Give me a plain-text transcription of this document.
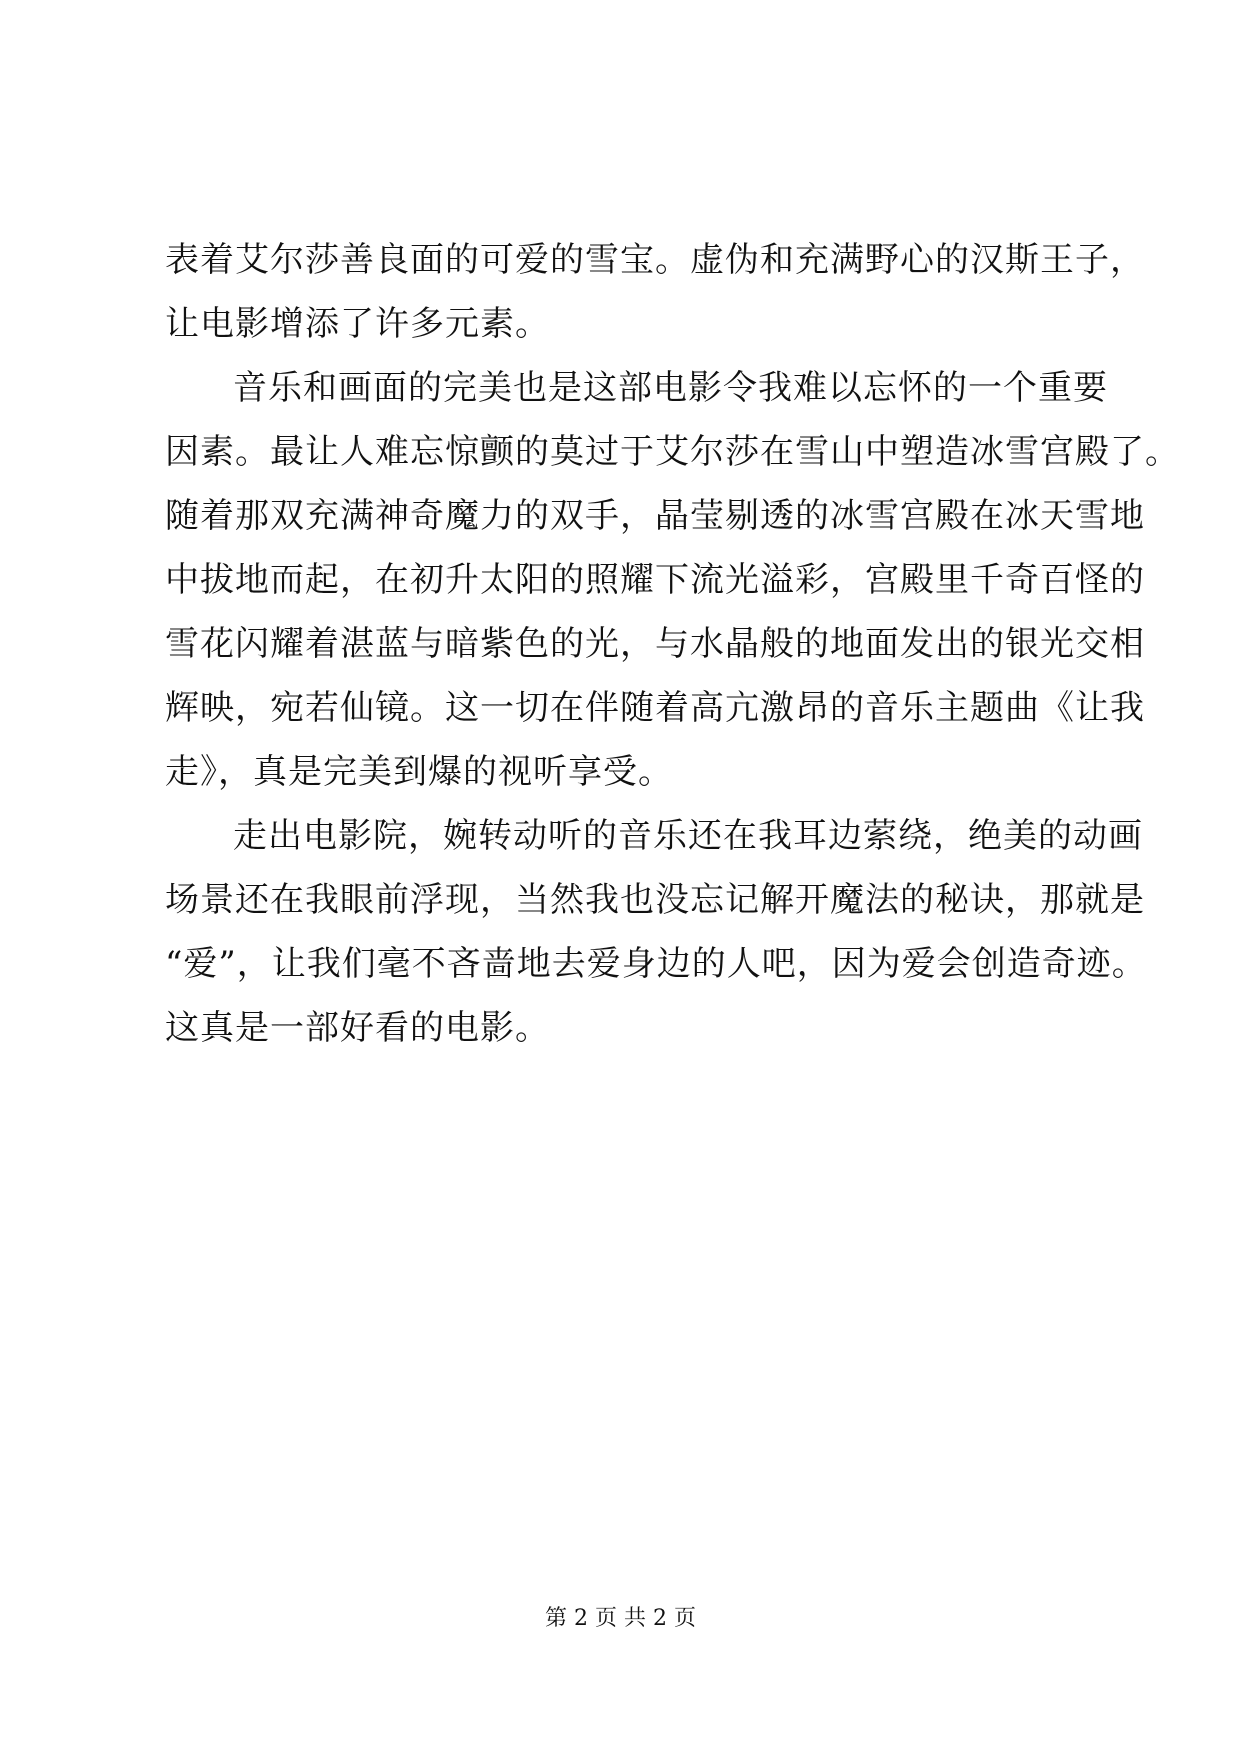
表着艾尔莎善良面的可爱的雪宝。虚伪和充满野心的汉斯王子，
让电影增添了许多元素。
音乐和画面的完美也是这部电影令我难以忘怀的一个重要
因素。最让人难忘惊颤的莫过于艾尔莎在雪山中塑造冰雪宫殿了。
随着那双充满神奇魔力的双手，晶莹剔透的冰雪宫殿在冰天雪地
中拔地而起，在初升太阳的照耀下流光溢彩，宫殿里千奇百怪的
雪花闪耀着湛蓝与暗紫色的光，与水晶般的地面发出的银光交相
辉映，宛若仙镜。这一切在伴随着高亢激昂的音乐主题曲《让我
走》，真是完美到爆的视听享受。
走出电影院，婉转动听的音乐还在我耳边萦绕，绝美的动画
场景还在我眼前浮现，当然我也没忘记解开魔法的秘诀，那就是
“爱”，让我们毫不吝啬地去爱身边的人吧，因为爱会创造奇迹。
这真是一部好看的电影。
第 2 页 共 2 页
